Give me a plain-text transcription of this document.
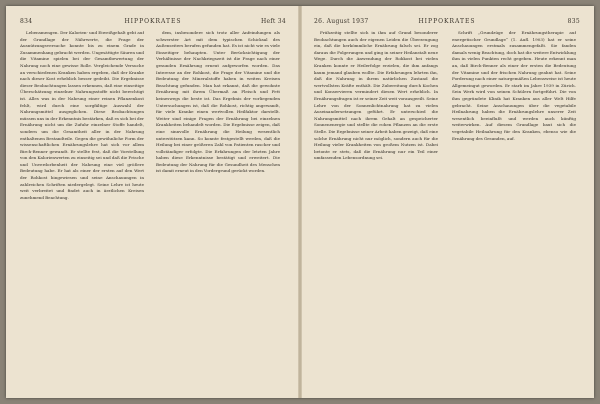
834	HIPPOKRATES	Heft 34

Lebensmengen. Der Kalorien- und Eiweißgehalt geht auf der Grundlage der Nährwerte, die Frage der Ausnützungsversuche konnte bis zu einem Grade in Zusammenhang gebracht werden. Ungesättigte Säuren und die Vitamine spielen bei der Gesamtbewertung der Nahrung noch eine gewisse Rolle. Vergleichende Versuche an verschiedenen Kranken haben ergeben, daß der Kranke nach dieser Kost erheblich besser gedeiht. Die Ergebnisse dieser Beobachtungen lassen erkennen, daß eine einseitige Überschätzung einzelner Nahrungsstoffe nicht berechtigt ist. Alles was in der Nahrung einer reinen Pflanzenkost fehlt, wird durch eine sorgfältige Auswahl der Nahrungsmittel ausgeglichen. Diese Beobachtungen müssen uns in der Erkenntnis bestärken, daß es sich bei der Ernährung nicht um die Zufuhr einzelner Stoffe handelt, sondern um die Gesamtheit aller in der Nahrung enthaltenen Bestandteile. Gegen die gewöhnliche Form der wissenschaftlichen Ernährungslehre hat sich vor allem Birch-Benner gewandt. Er stellte fest, daß die Vorstellung von den Kalorienwerten zu einseitig sei und daß die Frische und Unverdorbenheit der Nahrung eine viel größere Bedeutung habe. Er hat als einer der ersten auf den Wert der Rohkost hingewiesen und seine Anschauungen in zahlreichen Schriften niedergelegt. Seine Lehre ist heute weit verbreitet und findet auch in ärztlichen Kreisen zunehmend Beachtung.

dem, insbesondere sich trotz aller Anfeindungen als schwerster Art mit dem typischen Schicksal des Außenseiters berufen gefunden hat. Es ist nicht wie es viele Einseitiger behaupten. Unter Berücksichtigung der Verhältnisse der Nachkriegszeit ist die Frage nach einer gesunden Ernährung erneut aufgeworfen worden. Das Interesse an der Rohkost, die Frage der Vitamine und die Bedeutung der Mineralstoffe haben in weiten Kreisen Beachtung gefunden. Man hat erkannt, daß die gewohnte Ernährung mit ihrem Übermaß an Fleisch und Fett keineswegs die beste ist. Das Ergebnis der vorliegenden Untersuchungen ist, daß die Rohkost, richtig angewandt, für viele Kranke einen wertvollen Heilfaktor darstellt. Weiter sind einige Fragen der Ernährung bei einzelnen Krankheiten behandelt worden. Die Ergebnisse zeigen, daß eine sinnvolle Ernährung die Heilung wesentlich unterstützen kann. So konnte festgestellt werden, daß die Heilung bei einer größeren Zahl von Patienten rascher und vollständiger erfolgte. Die Erfahrungen der letzten Jahre haben diese Erkenntnisse bestätigt und erweitert. Die Bedeutung der Nahrung für die Gesundheit des Menschen ist damit erneut in den Vordergrund gerückt worden.

26. August 1937	HIPPOKRATES	835

Frühzeitig stellte sich in ihm auf Grund besonderer Beobachtungen auch der eigenen Leiden die Überzeugung ein, daß die herkömmliche Ernährung falsch sei. Er zog daraus die Folgerungen und ging in seiner Heilanstalt neue Wege. Durch die Anwendung der Rohkost bei vielen Kranken konnte er Heilerfolge erzielen, die ihm anfangs kaum jemand glauben wollte. Die Erfahrungen lehrten ihn, daß die Nahrung in ihrem natürlichen Zustand die wertvollsten Kräfte enthält. Die Zubereitung durch Kochen und Konservieren vermindert diesen Wert erheblich. In Ernährungsfragen ist er seiner Zeit weit vorausgeeilt. Seine Lehre von der Sonnenlichtnahrung hat zu vielen Auseinandersetzungen geführt. Er unterschied die Nahrungsmittel nach ihrem Gehalt an gespeicherter Sonnenenergie und stellte die rohen Pflanzen an die erste Stelle. Die Ergebnisse seiner Arbeit haben gezeigt, daß eine solche Ernährung nicht nur möglich, sondern auch für die Heilung vieler Krankheiten von großem Nutzen ist. Dabei betonte er stets, daß die Ernährung nur ein Teil einer umfassenden Lebensordnung sei.

Schrift „Grundzüge der Ernährungstherapie auf energetischer Grundlage“ (1. Aufl. 1903) hat er seine Anschauungen erstmals zusammengefaßt. Sie fanden damals wenig Beachtung, doch hat die weitere Entwicklung ihm in vielen Punkten recht gegeben. Heute erkennt man an, daß Birch-Benner als einer der ersten die Bedeutung der Vitamine und der frischen Nahrung geahnt hat. Seine Forderung nach einer naturgemäßen Lebensweise ist heute Allgemeingut geworden. Er starb im Jahre 1939 in Zürich. Sein Werk wird von seinen Schülern fortgeführt. Die von ihm gegründete Klinik hat Kranken aus aller Welt Hilfe gebracht. Seine Anschauungen über die vegetabile Heilnahrung haben die Ernährungslehre unserer Zeit wesentlich beeinflußt und werden auch künftig weiterwirken. Auf diesem Grundlage baut sich die vegetabile Heilnahrung für den Kranken, ebenso wie die Ernährung des Gesunden, auf.
